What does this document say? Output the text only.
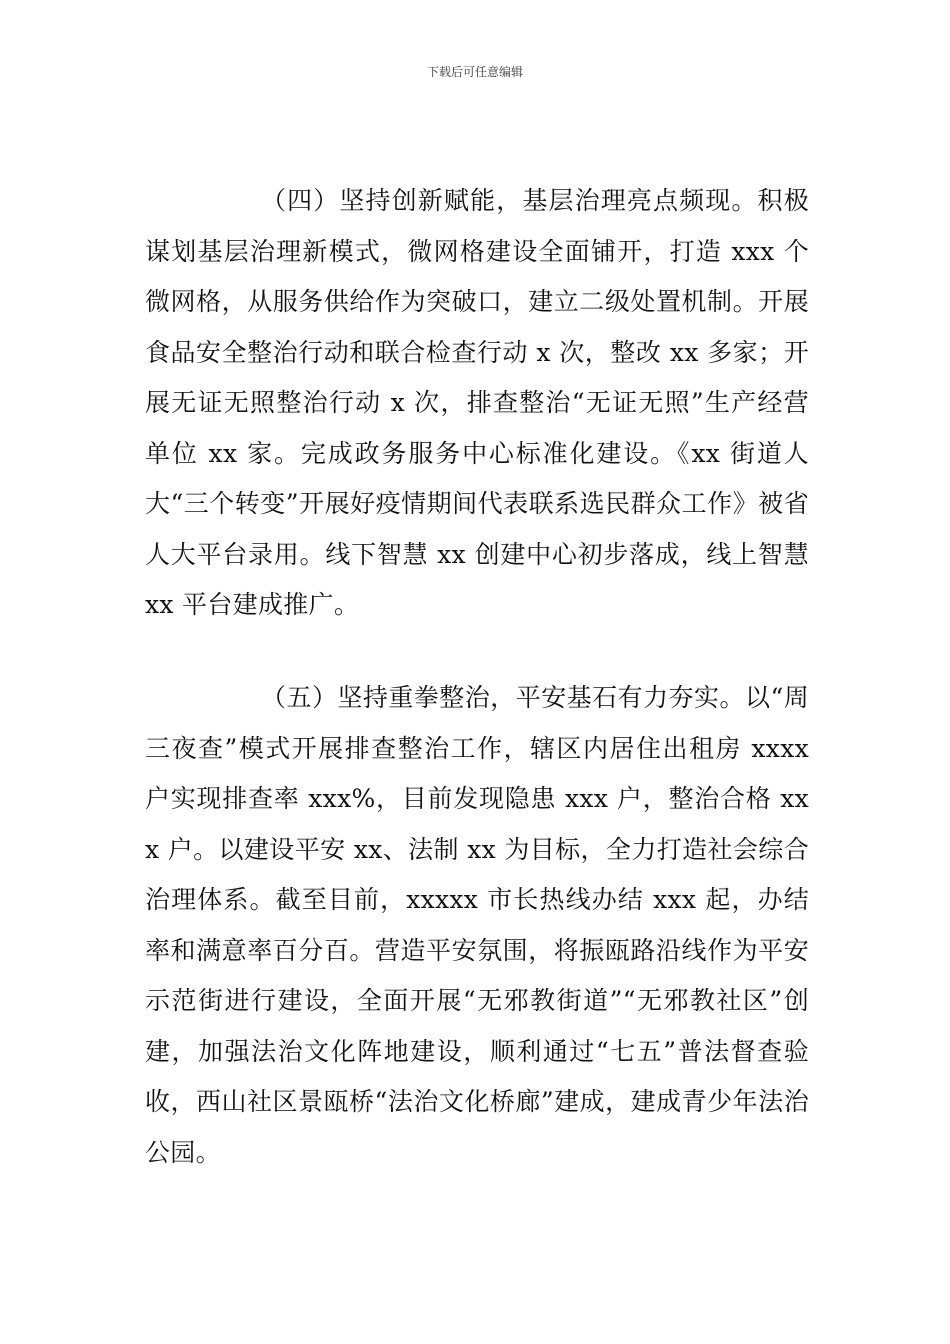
下载后可任意编辑

（四）坚持创新赋能，基层治理亮点频现。积极谋划基层治理新模式，微网格建设全面铺开，打造 xxx 个微网格，从服务供给作为突破口，建立二级处置机制。开展食品安全整治行动和联合检查行动 x 次，整改 xx 多家；开展无证无照整治行动 x 次，排查整治“无证无照”生产经营单位 xx 家。完成政务服务中心标准化建设。《xx 街道人大“三个转变”开展好疫情期间代表联系选民群众工作》被省人大平台录用。线下智慧 xx 创建中心初步落成，线上智慧 xx 平台建成推广。

（五）坚持重拳整治，平安基石有力夯实。以“周三夜查”模式开展排查整治工作，辖区内居住出租房 xxxx 户实现排查率 xxx%，目前发现隐患 xxx 户，整治合格 xxx 户。以建设平安 xx、法制 xx 为目标，全力打造社会综合治理体系。截至目前，xxxxx 市长热线办结 xxx 起，办结率和满意率百分百。营造平安氛围，将振瓯路沿线作为平安示范街进行建设，全面开展“无邪教街道”“无邪教社区”创建，加强法治文化阵地建设，顺利通过“七五”普法督查验收，西山社区景瓯桥“法治文化桥廊”建成，建成青少年法治公园。
